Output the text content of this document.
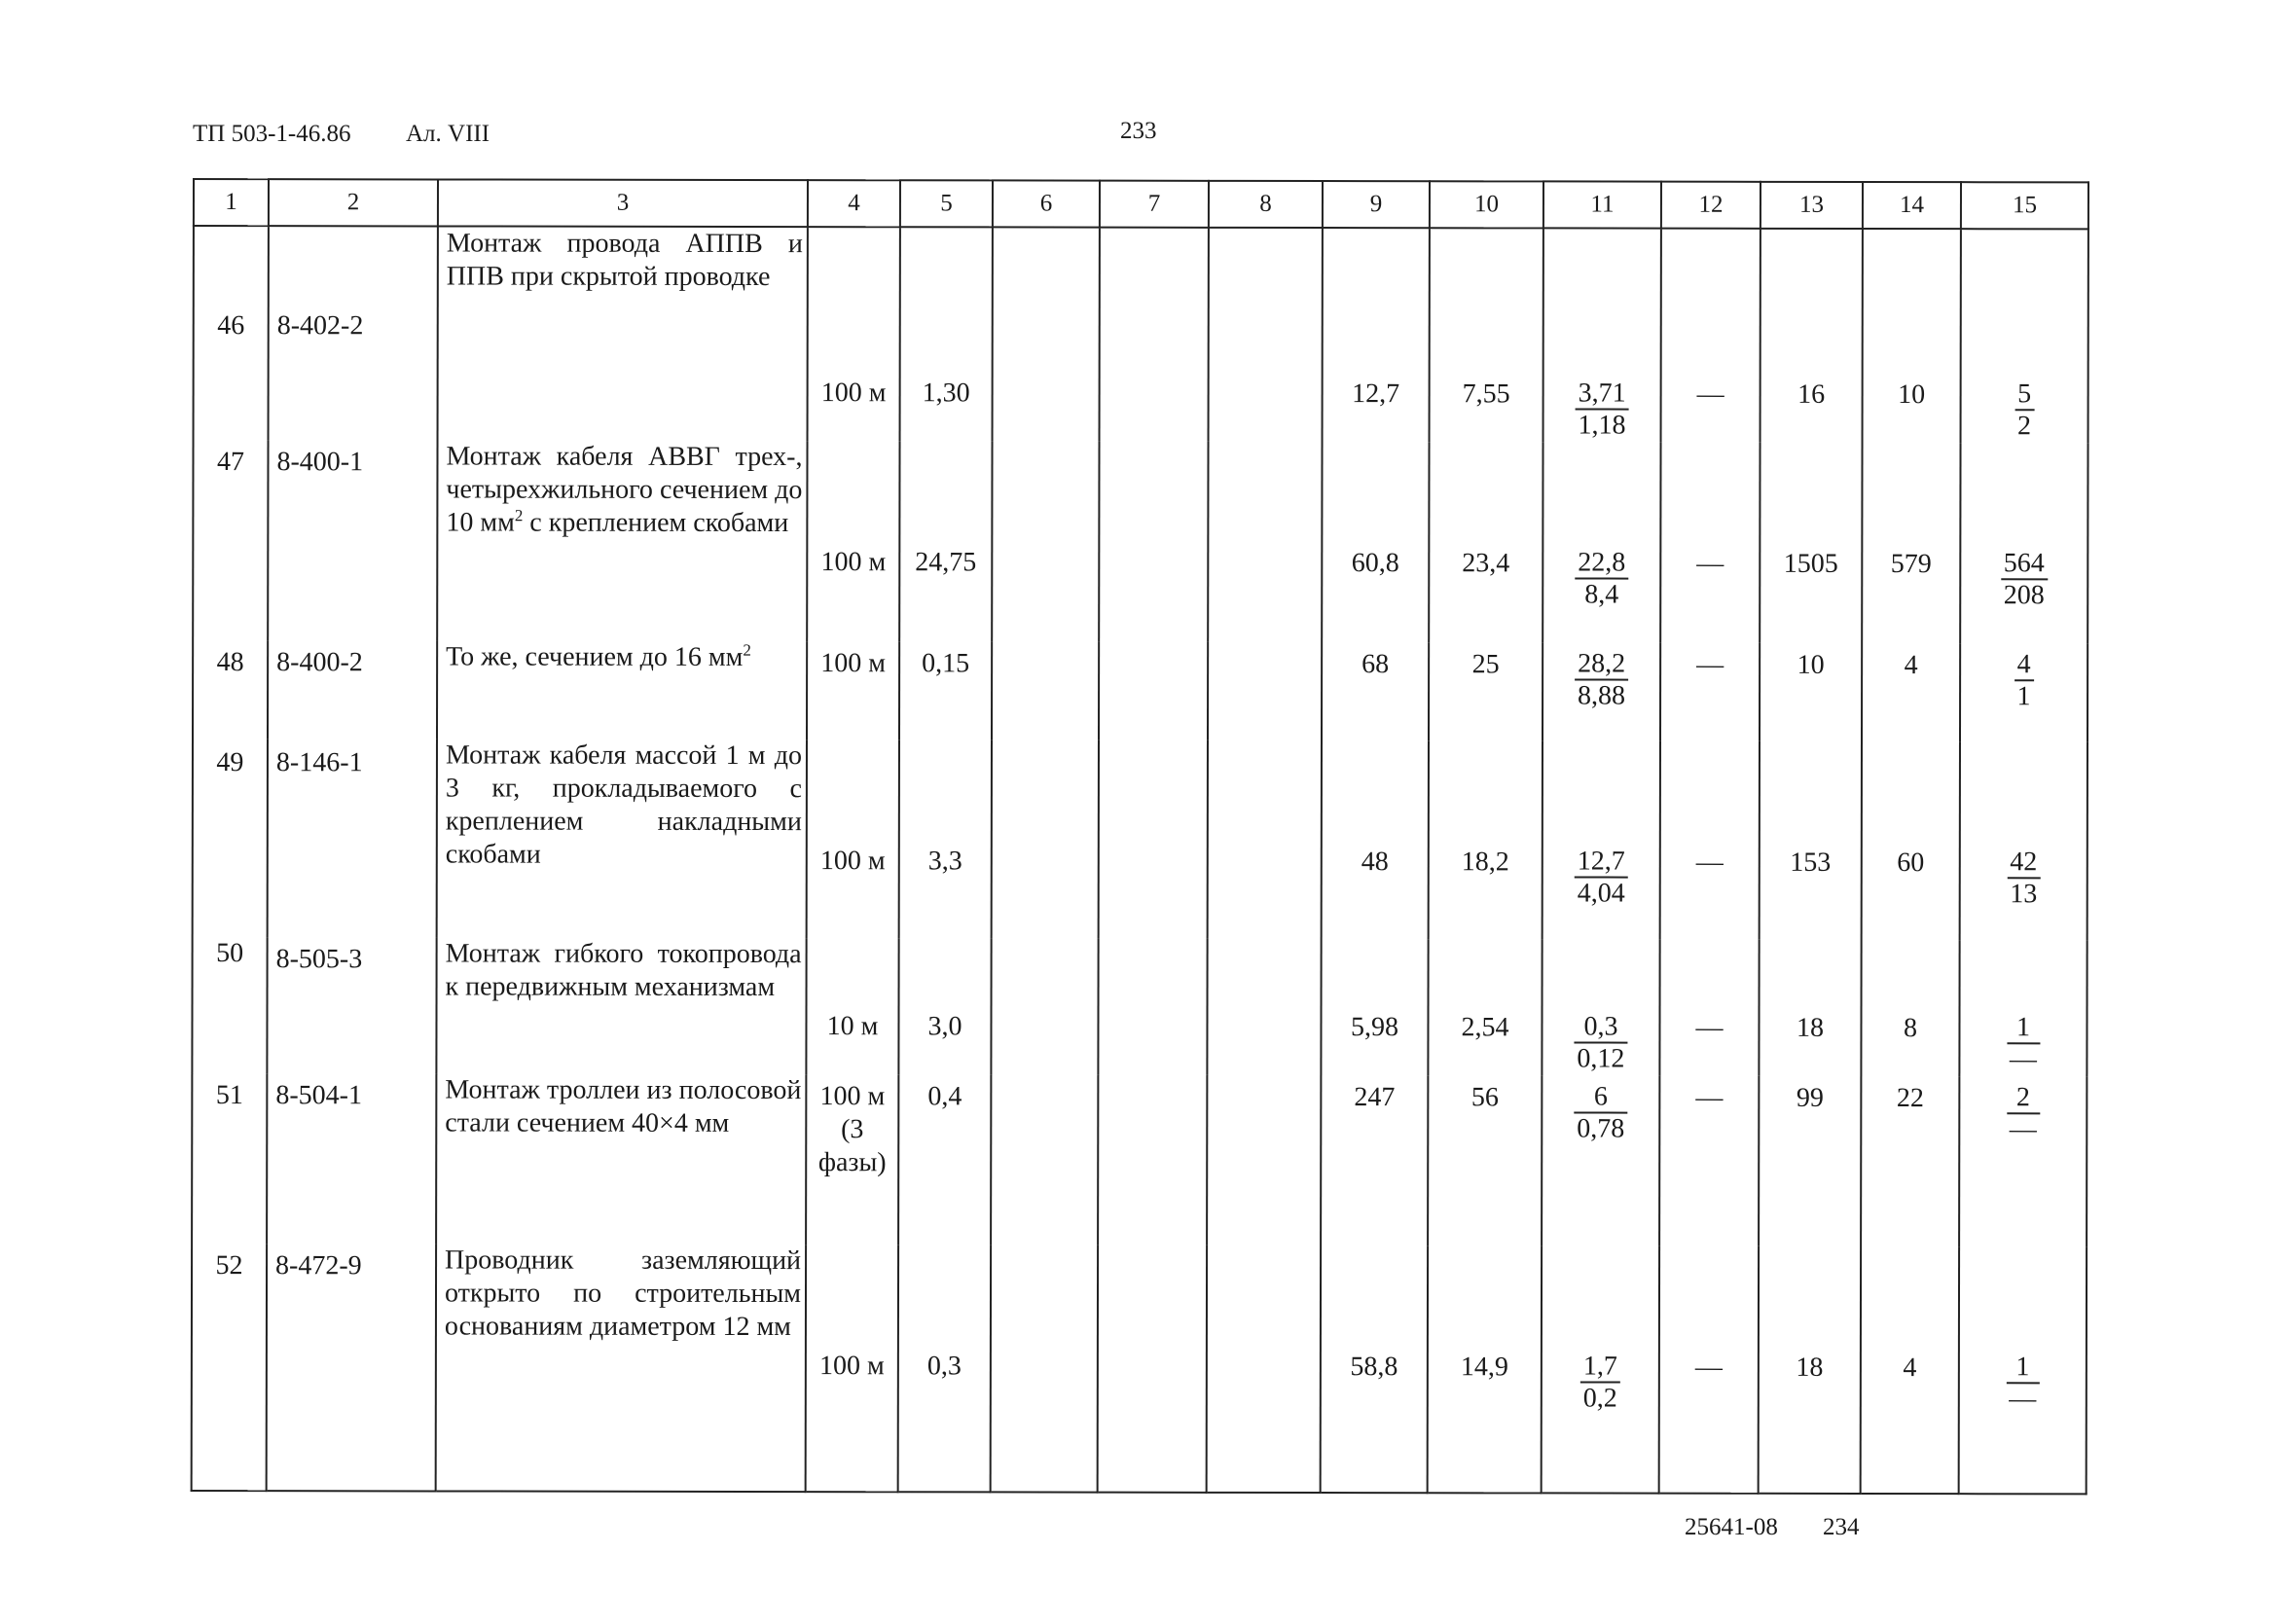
ТП 503-1-46.86 Ал. VIII	233
1	2	3	4	5	6	7	8	9	10	11	12	13	14	15
46	8-402-2	Монтаж провода АППВ и ППВ при скрытой проводке	100 м	1,30				12,7	7,55	$\frac{3,71}{1,18}$	—	16	10	$\frac{5}{2}$

47	8-400-1	Монтаж кабеля АВВГ трех-, четырехжильного сечением до 10 $мм^2$ с креплением скобами	100 м	24,75				60,8	23,4	$\frac{22,8}{8,4}$	—	1505	579	$\frac{564}{208}$

48	8-400-2	То же, сечением до 16 $мм^2$	100 м	0,15				68	25	$\frac{28,2}{8,88}$	—	10	4	$\frac{4}{1}$

49	8-146-1	Монтаж кабеля массой 1 м до 3 кг, прокладываемого с креплением накладными скобами	100 м	3,3				48	18,2	$\frac{12,7}{4,04}$	—	153	60	$\frac{42}{13}$

50	8-505-3	Монтаж гибкого токопровода к передвижным механизмам	10 м	3,0				5,98	2,54	$\frac{0,3}{0,12}$	—	18	8	$\frac{1}{—}$

51	8-504-1	Монтаж троллеи из полосовой стали сечением 40×4 мм	100 м (3 фазы)	0,4				247	56	$\frac{6}{0,78}$	—	99	22	$\frac{2}{—}$

52	8-472-9	Проводник заземляющий открыто по строительным основаниям диаметром 12 мм	100 м	0,3				58,8	14,9	$\frac{1,7}{0,2}$	—	18	4	$\frac{1}{—}$
25641-08 234
